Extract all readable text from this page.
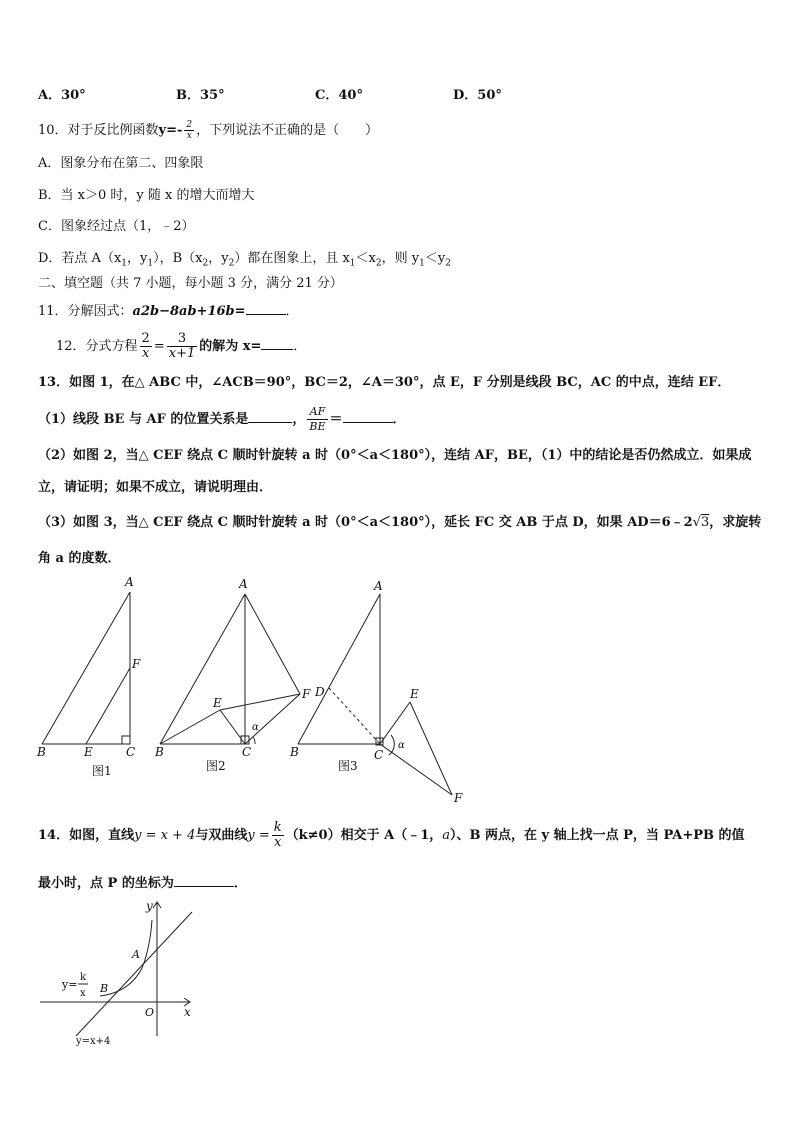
A．30°	B．35°	C．40°	D．50°
10．对于反比例函数$y=- \frac{2}{x}$ ，下列说法不正确的是（　　）
A．图象分布在第二、四象限
B．当 x＞0 时，y 随 x 的增大而增大
C．图象经过点（1，﹣2）
D．若点 $A(x_1$，$y_1$），$B(x_2$，$y_2$）都在图象上，且 $x_1<x_2$，则 $y_1<y_2$
二、填空题（共 7 小题，每小题 3 分，满分 21 分）
11．分解因式：a2b−8ab+16b=	．
12．分式方程 $\frac{2}{x} = \frac{3}{x+1}$ 的解为 x= ．
13．如图 1，在△ ABC 中，∠ACB＝90°，BC＝2，∠A＝30°，点 E，F 分别是线段 BC，AC 的中点，连结 EF．
（1）线段 BE 与 AF 的位置关系是	， $\frac{AF}{BE}$ ＝	．
（2）如图 2，当△ CEF 绕点 C 顺时针旋转 a 时（0°＜a＜180°），连结 AF，BE，（1）中的结论是否仍然成立．如果成
立，请证明；如果不成立，请说明理由．
（3）如图 3，当△ CEF 绕点 C 顺时针旋转 a 时（0°＜a＜180°），延长 FC 交 AB 于点 D，如果 AD＝6﹣2√3，求旋转
角 a 的度数．
A
F
B	E	C
A
E
F
B	C
α
A
D	E
F
B	C
α
图1	图2	图3
14．如图，直线y = x + 4与双曲线$y = \frac{k}{x} (k\ne 0)$相交于 A（﹣1，a）、B 两点，在 y 轴上找一点 P，当 PA+PB 的值
最小时，点 P 的坐标为	．
y
x
O
A
B
y=
k
x
y=x+4
